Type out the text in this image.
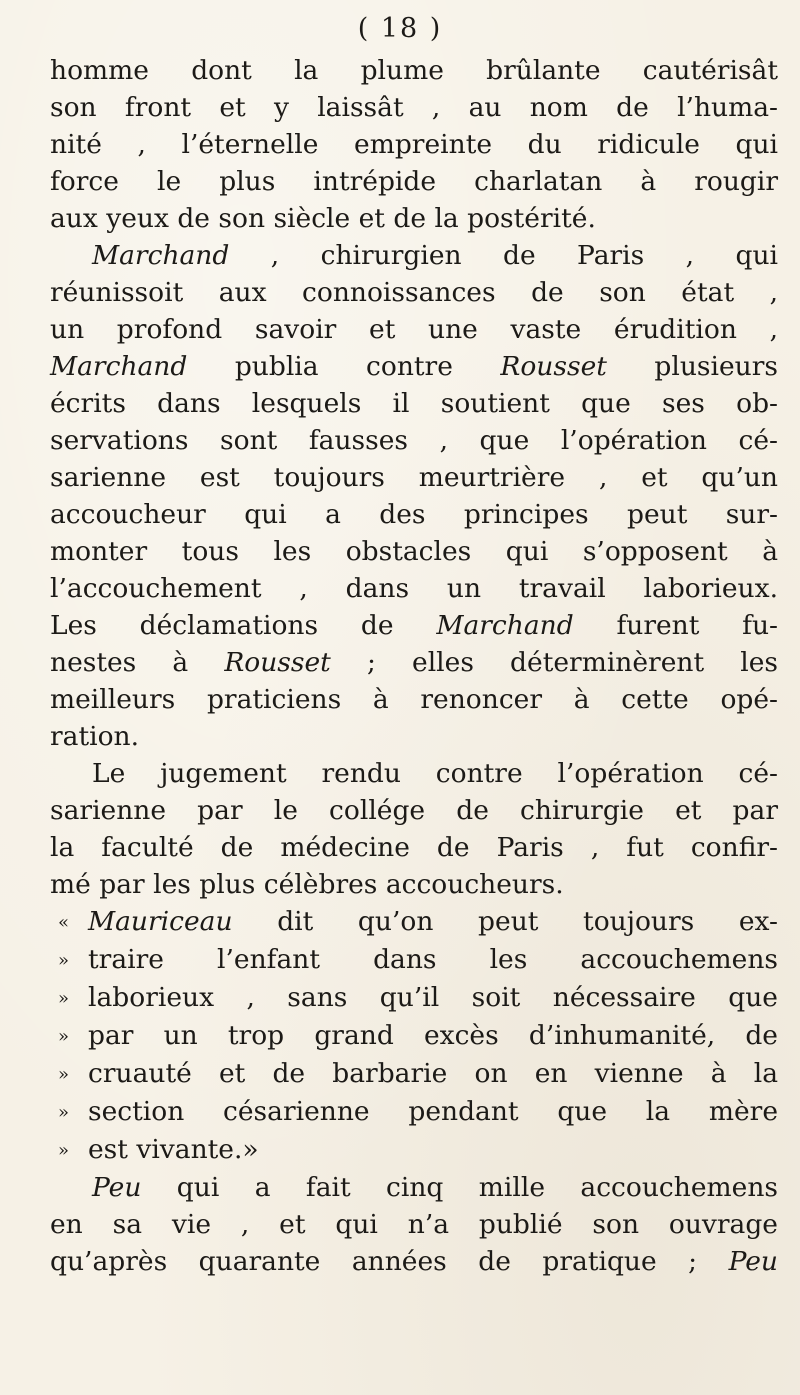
( 18 )
homme dont la plume brûlante cautérisât
son front et y laissât , au nom de l’huma-
nité , l’éternelle empreinte du ridicule qui
force le plus intrépide charlatan à rougir
aux yeux de son siècle et de la postérité.
Marchand , chirurgien de Paris , qui
réunissoit aux connoissances de son état ,
un profond savoir et une vaste érudition ,
Marchand publia contre Rousset plusieurs
écrits dans lesquels il soutient que ses ob-
servations sont fausses , que l’opération cé-
sarienne est toujours meurtrière , et qu’un
accoucheur qui a des principes peut sur-
monter tous les obstacles qui s’opposent à
l’accouchement , dans un travail laborieux.
Les déclamations de Marchand furent fu-
nestes à Rousset ; elles déterminèrent les
meilleurs praticiens à renoncer à cette opé-
ration.
Le jugement rendu contre l’opération cé-
sarienne par le collége de chirurgie et par
la faculté de médecine de Paris , fut confir-
mé par les plus célèbres accoucheurs.
« Mauriceau dit qu’on peut toujours ex-
» traire l’enfant dans les accouchemens
» laborieux , sans qu’il soit nécessaire que
» par un trop grand excès d’inhumanité, de
» cruauté et de barbarie on en vienne à la
» section césarienne pendant que la mère
» est vivante.»
Peu qui a fait cinq mille accouchemens
en sa vie , et qui n’a publié son ouvrage
qu’après quarante années de pratique ; Peu
